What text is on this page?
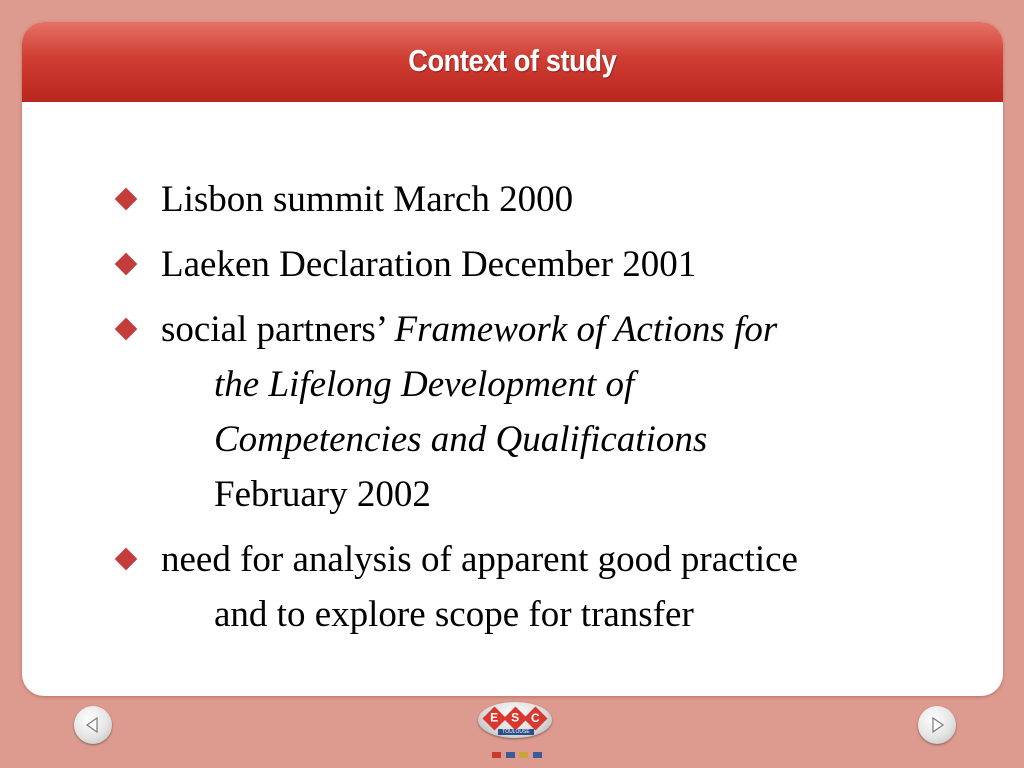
Context of study
Lisbon summit March 2000
Laeken Declaration December 2001
social partners’ Framework of Actions for
the Lifelong Development of
Competencies and Qualifications
February 2002
need for analysis of apparent good practice
and to explore scope for transfer
E	S	C
TOULOUSE
